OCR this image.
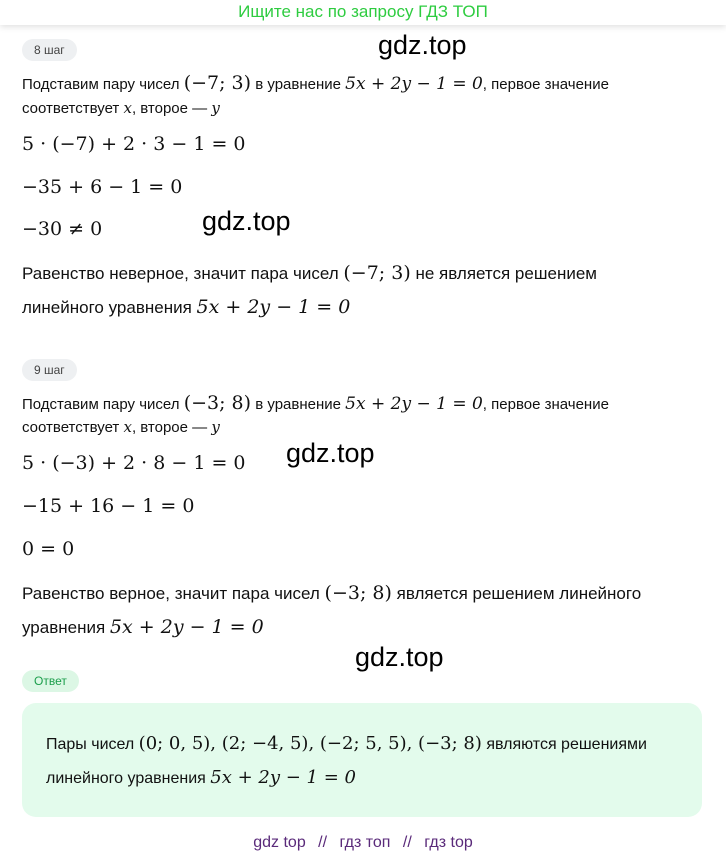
Ищите нас по запросу ГДЗ ТОП
gdz.top
gdz.top
gdz.top
gdz.top
8 шаг
Подставим пару чисел (−7; 3) в уравнение 5x + 2y − 1 = 0, первое значение
соответствует x, второе — y
5 · (−7) + 2 · 3 − 1 = 0
−35 + 6 − 1 = 0
−30 ≠ 0
Равенство неверное, значит пара чисел (−7; 3) не является решением
линейного уравнения 5x + 2y − 1 = 0
9 шаг
Подставим пару чисел (−3; 8) в уравнение 5x + 2y − 1 = 0, первое значение
соответствует x, второе — y
5 · (−3) + 2 · 8 − 1 = 0
−15 + 16 − 1 = 0
0 = 0
Равенство верное, значит пара чисел (−3; 8) является решением линейного
уравнения 5x + 2y − 1 = 0
Ответ
Пары чисел (0; 0, 5), (2; −4, 5), (−2; 5, 5), (−3; 8) являются решениями
линейного уравнения 5x + 2y − 1 = 0
gdz top // гдз топ // гдз top
